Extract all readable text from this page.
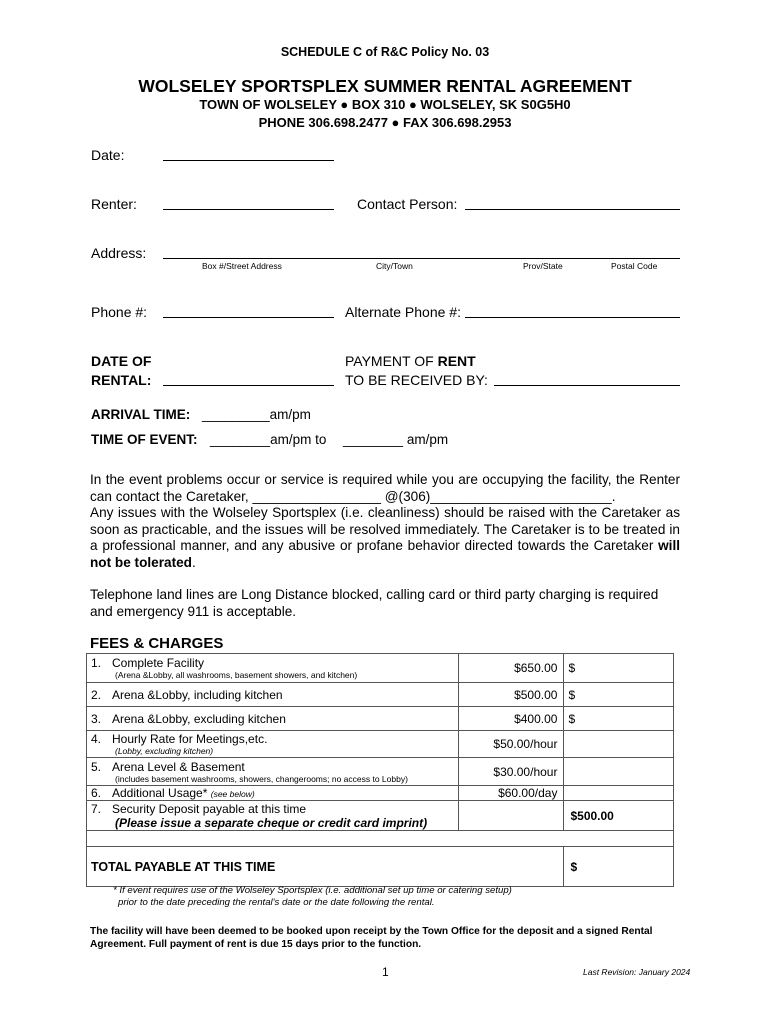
SCHEDULE C of R&C Policy No. 03
WOLSELEY SPORTSPLEX SUMMER RENTAL AGREEMENT
TOWN OF WOLSELEY ● BOX 310 ● WOLSELEY, SK S0G5H0
PHONE 306.698.2477 ● FAX 306.698.2953
Date:
Renter:	Contact Person:
Address:
Box #/Street Address	City/Town	Prov/State	Postal Code
Phone #:	Alternate Phone #:
DATE OF
RENTAL:
PAYMENT OF RENT
TO BE RECEIVED BY:
ARRIVAL TIME: _________am/pm
TIME OF EVENT: ________am/pm to ________ am/pm

In the event problems occur or service is required while you are occupying the facility, the Renter can contact the Caretaker, _________________ @(306)________________________.

Any issues with the Wolseley Sportsplex (i.e. cleanliness) should be raised with the Caretaker as soon as practicable, and the issues will be resolved immediately. The Caretaker is to be treated in a professional manner, and any abusive or profane behavior directed towards the Caretaker will not be tolerated.

Telephone land lines are Long Distance blocked, calling card or third party charging is required and emergency 911 is acceptable.
FEES & CHARGES
1. Complete Facility
(Arena &Lobby, all washrooms, basement showers, and kitchen)	$650.00	$
2. Arena &Lobby, including kitchen	$500.00	$
3. Arena &Lobby, excluding kitchen	$400.00	$
4. Hourly Rate for Meetings,etc.
(Lobby, excluding kitchen)	$50.00/hour	
5. Arena Level & Basement
(includes basement washrooms, showers, changerooms; no access to Lobby)	$30.00/hour	
6. Additional Usage* (see below)	$60.00/day	
7. Security Deposit payable at this time
(Please issue a separate cheque or credit card imprint)		$500.00

TOTAL PAYABLE AT THIS TIME		$
* If event requires use of the Wolseley Sportsplex (i.e. additional set up time or catering setup)
prior to the date preceding the rental's date or the date following the rental.
The facility will have been deemed to be booked upon receipt by the Town Office for the deposit and a signed Rental Agreement. Full payment of rent is due 15 days prior to the function.
1	Last Revision: January 2024
